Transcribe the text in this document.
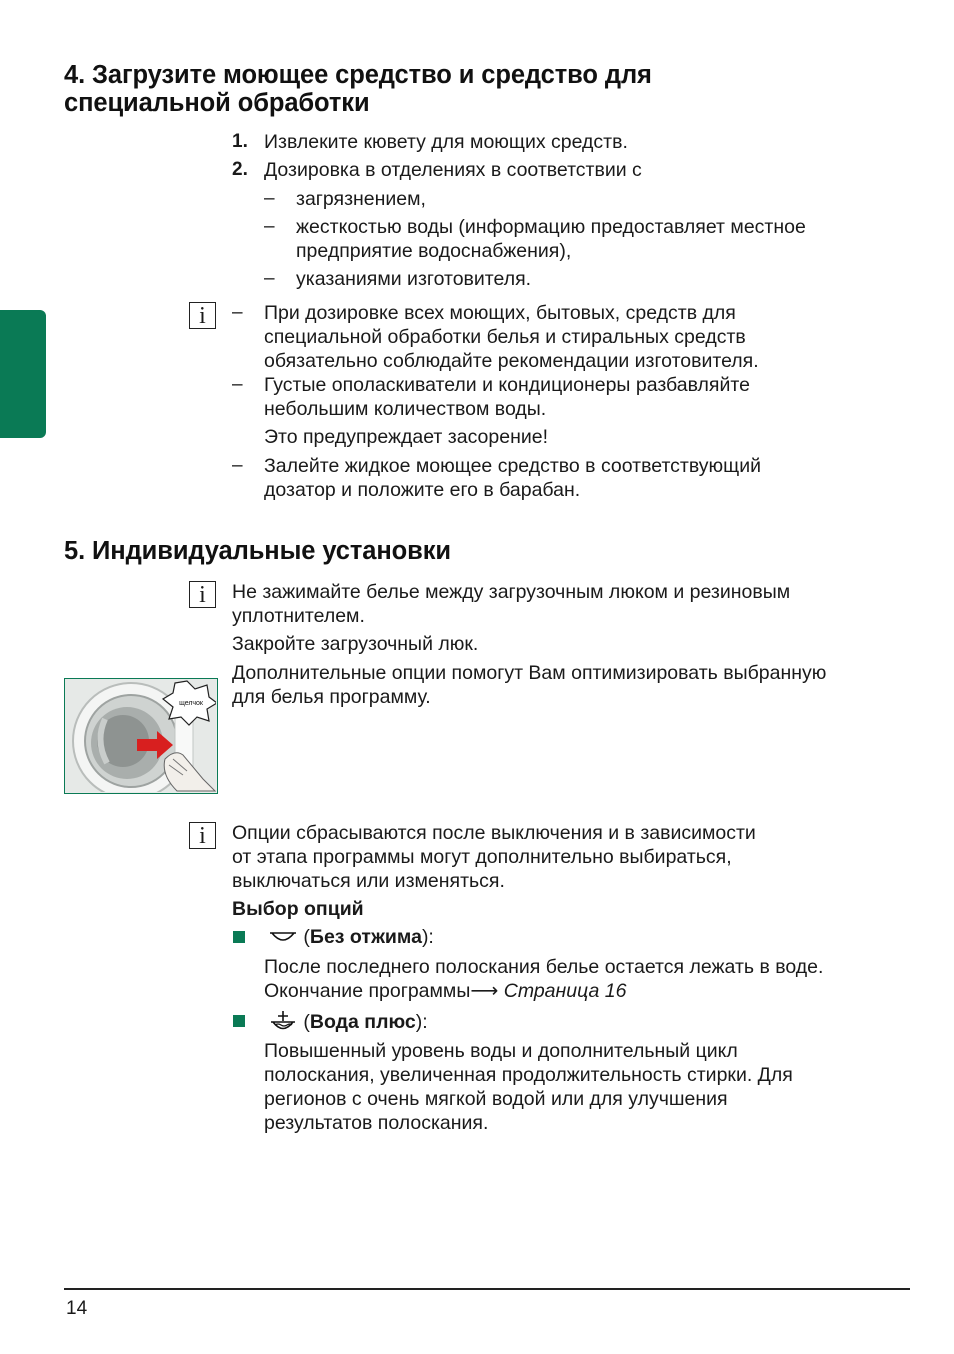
4. Загрузите моющее средство и средство для
специальной обработки
1. Извлеките кювету для моющих средств.

2. Дозировка в отделениях в соответствии с

– загрязнением,

– жесткостью воды (информацию предоставляет местное

предприятие водоснабжения),

– указаниями изготовителя.

i	– При дозировке всех моющих, бытовых, средств для

специальной обработки белья и стиральных средств

обязательно соблюдайте рекомендации изготовителя.

– Густые ополаскиватели и кондиционеры разбавляйте

небольшим количеством воды.

Это предупреждает засорение!

– Залейте жидкое моющее средство в соответствующий

дозатор и положите его в барабан.

5. Индивидуальные установки
i	Не зажимайте белье между загрузочным люком и резиновым

уплотнителем.

Закройте загрузочный люк.

Дополнительные опции помогут Вам оптимизировать выбранную

для белья программу.

щелчок
i	Опции сбрасываются после выключения и в зависимости

от этапа программы могут дополнительно выбираться,

выключаться или изменяться.

Выбор опций

(Без отжима):

После последнего полоскания белье остается лежать в воде.

Окончание программы⟶ Страница 16

(Вода плюс):

Повышенный уровень воды и дополнительный цикл

полоскания, увеличенная продолжительность стирки. Для

регионов с очень мягкой водой или для улучшения

результатов полоскания.

14
